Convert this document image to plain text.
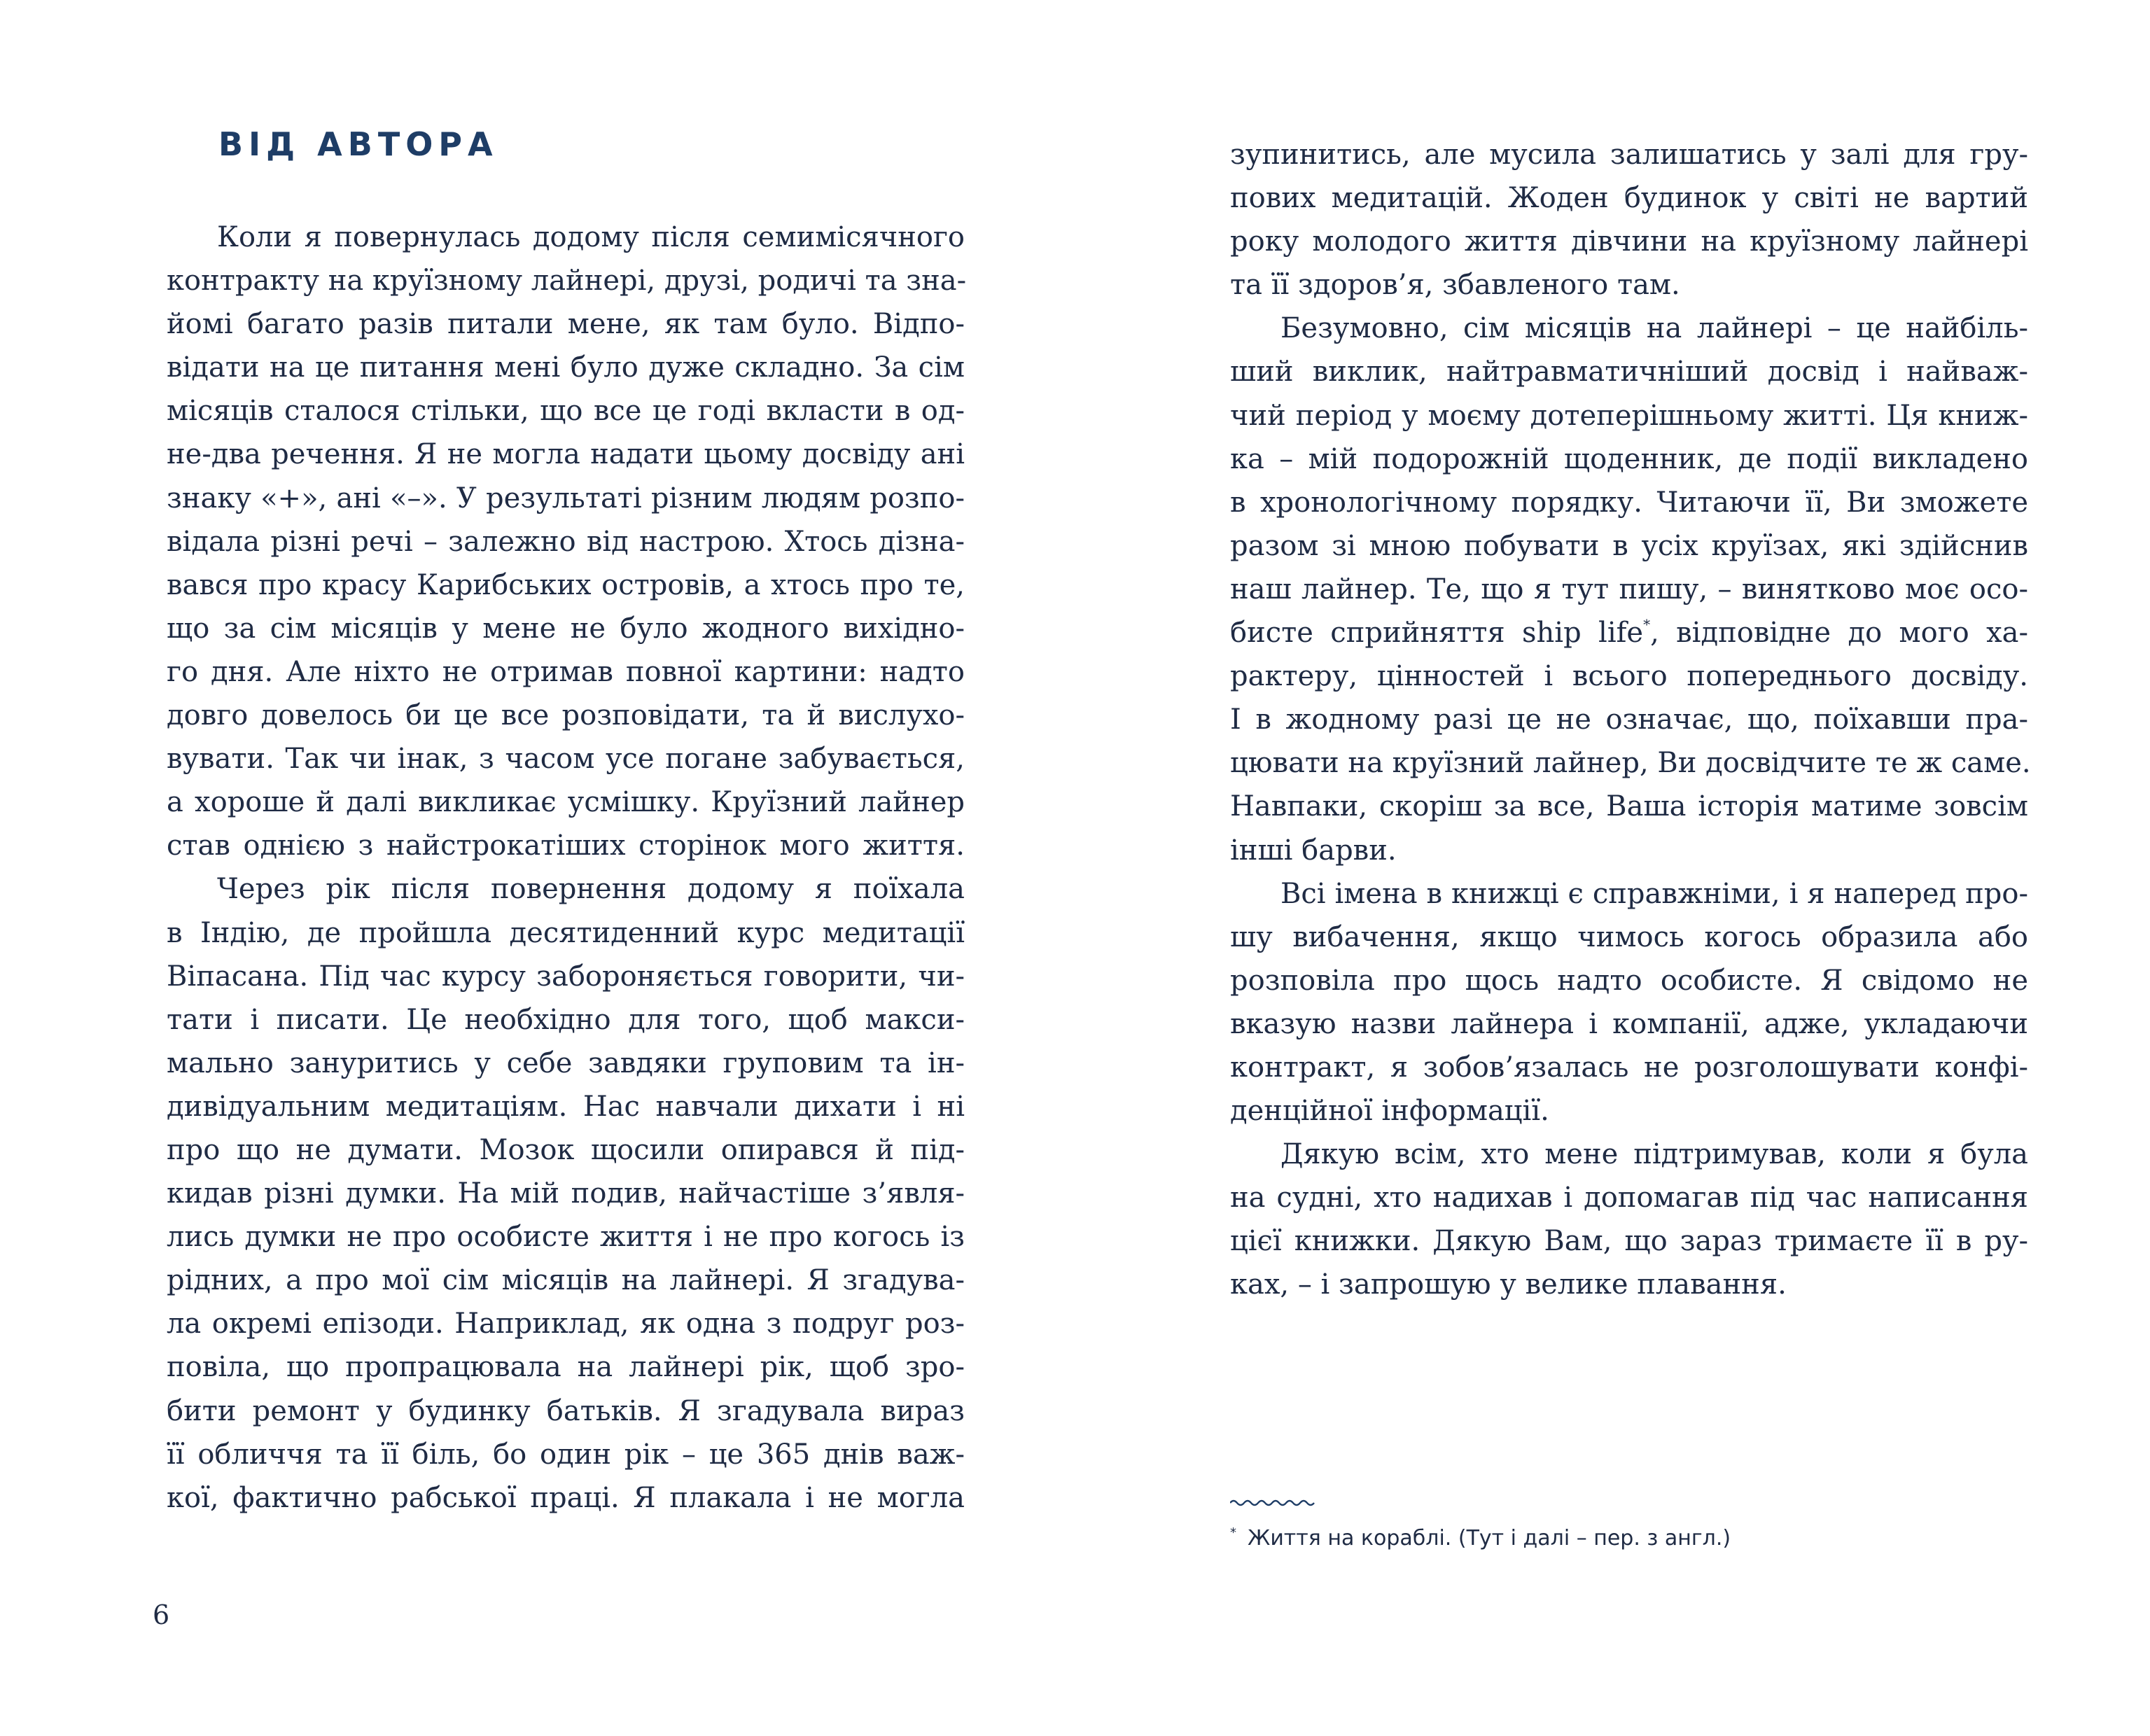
ВІД АВТОРА
Коли я повернулась додому після семимісячного
контракту на круїзному лайнері, друзі, родичі та зна-
йомі багато разів питали мене, як там було. Відпо-
відати на це питання мені було дуже складно. За сім
місяців сталося стільки, що все це годі вкласти в од-
не-два речення. Я не могла надати цьому досвіду ані
знаку «+», ані «–». У результаті різним людям розпо-
відала різні речі – залежно від настрою. Хтось дізна-
вався про красу Карибських островів, а хтось про те,
що за сім місяців у мене не було жодного вихідно-
го дня. Але ніхто не отримав повної картини: надто
довго довелось би це все розповідати, та й вислухо-
вувати. Так чи інак, з часом усе погане забувається,
а хороше й далі викликає усмішку. Круїзний лайнер
став однією з найстрокатіших сторінок мого життя.
Через рік після повернення додому я поїхала
в Індію, де пройшла десятиденний курс медитації
Віпасана. Під час курсу забороняється говорити, чи-
тати і писати. Це необхідно для того, щоб макси-
мально зануритись у себе завдяки груповим та ін-
дивідуальним медитаціям. Нас навчали дихати і ні
про що не думати. Мозок щосили опирався й під-
кидав різні думки. На мій подив, найчастіше з’явля-
лись думки не про особисте життя і не про когось із
рідних, а про мої сім місяців на лайнері. Я згадува-
ла окремі епізоди. Наприклад, як одна з подруг роз-
повіла, що пропрацювала на лайнері рік, щоб зро-
бити ремонт у будинку батьків. Я згадувала вираз
її обличчя та її біль, бо один рік – це 365 днів важ-
кої, фактично рабської праці. Я плакала і не могла
6
зупинитись, але мусила залишатись у залі для гру-
пових медитацій. Жоден будинок у світі не вартий
року молодого життя дівчини на круїзному лайнері
та її здоров’я, збавленого там.
Безумовно, сім місяців на лайнері – це найбіль-
ший виклик, найтравматичніший досвід і найваж-
чий період у моєму дотеперішньому житті. Ця книж-
ка – мій подорожній щоденник, де події викладено
в хронологічному порядку. Читаючи її, Ви зможете
разом зі мною побувати в усіх круїзах, які здійснив
наш лайнер. Те, що я тут пишу, – винятково моє осо-
бисте сприйняття ship life*, відповідне до мого ха-
рактеру, цінностей і всього попереднього досвіду.
І в жодному разі це не означає, що, поїхавши пра-
цювати на круїзний лайнер, Ви досвідчите те ж саме.
Навпаки, скоріш за все, Ваша історія матиме зовсім
інші барви.
Всі імена в книжці є справжніми, і я наперед про-
шу вибачення, якщо чимось когось образила або
розповіла про щось надто особисте. Я свідомо не
вказую назви лайнера і компанії, адже, укладаючи
контракт, я зобов’язалась не розголошувати конфі-
денційної інформації.
Дякую всім, хто мене підтримував, коли я була
на судні, хто надихав і допомагав під час написання
цієї книжки. Дякую Вам, що зараз тримаєте її в ру-
ках, – і запрошую у велике плавання.
* Життя на кораблі. (Тут і далі – пер. з англ.)
